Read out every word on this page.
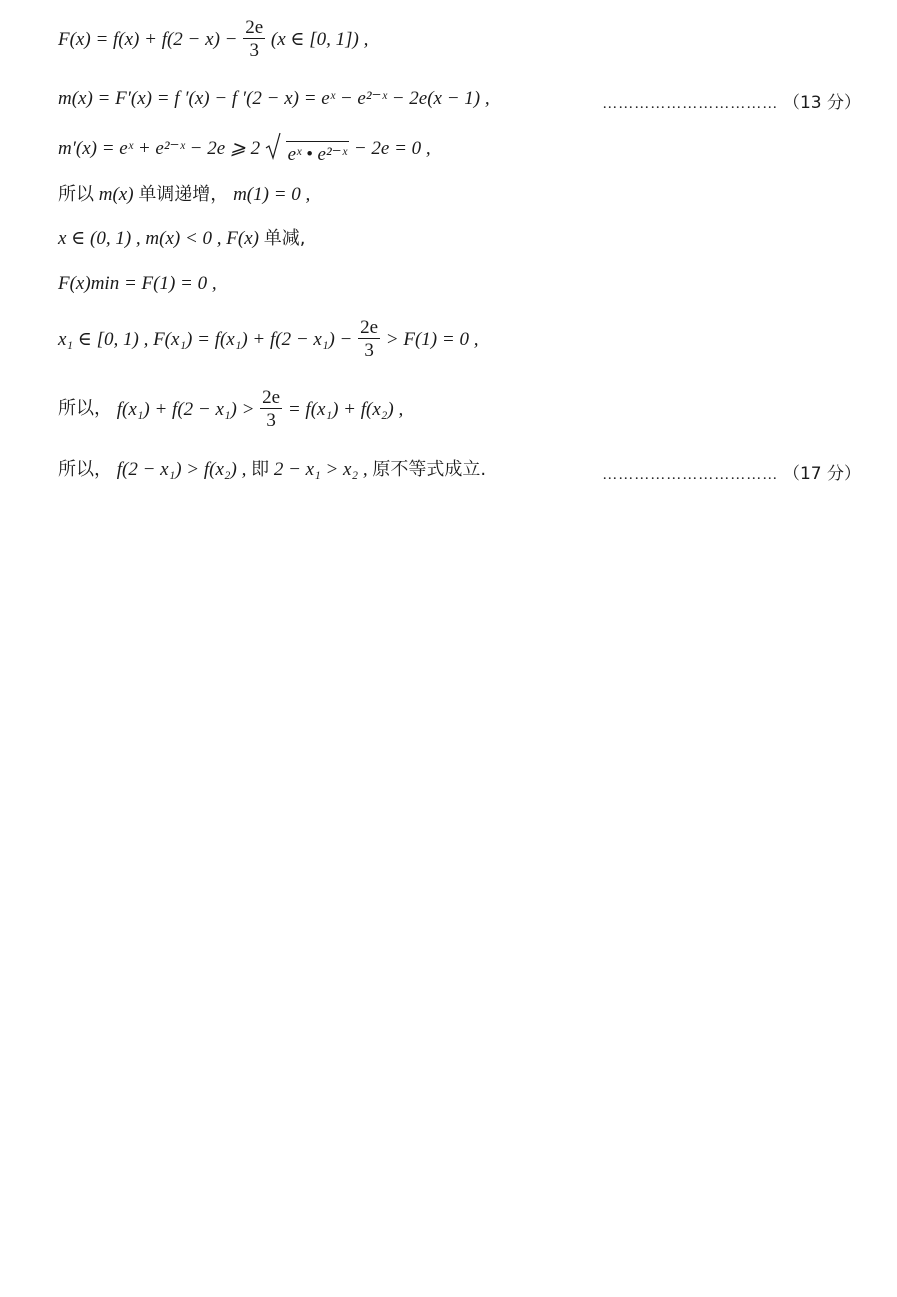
$F(x) = f(x) + f(2 - x) - \frac{2e}{3} (x$ ∈ [0, 1]) ,
m(x) = F′(x) = f ′(x) − f ′(2 − x) = eˣ − e²⁻ˣ − 2e(x − 1) ,	…………………………… （13 分）
m′(x) = eˣ + e²⁻ˣ − 2e ⩾ 2 eˣ • e²⁻ˣ − 2e = 0 ,
所以 m(x) 单调递增， m(1) = 0 ,
x ∈ (0, 1) , m(x) < 0 , F(x) 单减,
F(x)min = F(1) = 0 ,
x₁ ∈ [0, 1) , $F(x_1) = f(x_1) + f(2 - x_1) - \frac{2e}{3} > F(1) = 0$ ,
所以， $f(x_1) + f(2 - x_1) > \frac{2e}{3} = f(x_1) + f(x_2)$ ,
所以， f(2 − x₁) > f(x₂) , 即 2 − x₁ > x₂ , 原不等式成立.	…………………………… （17 分）
